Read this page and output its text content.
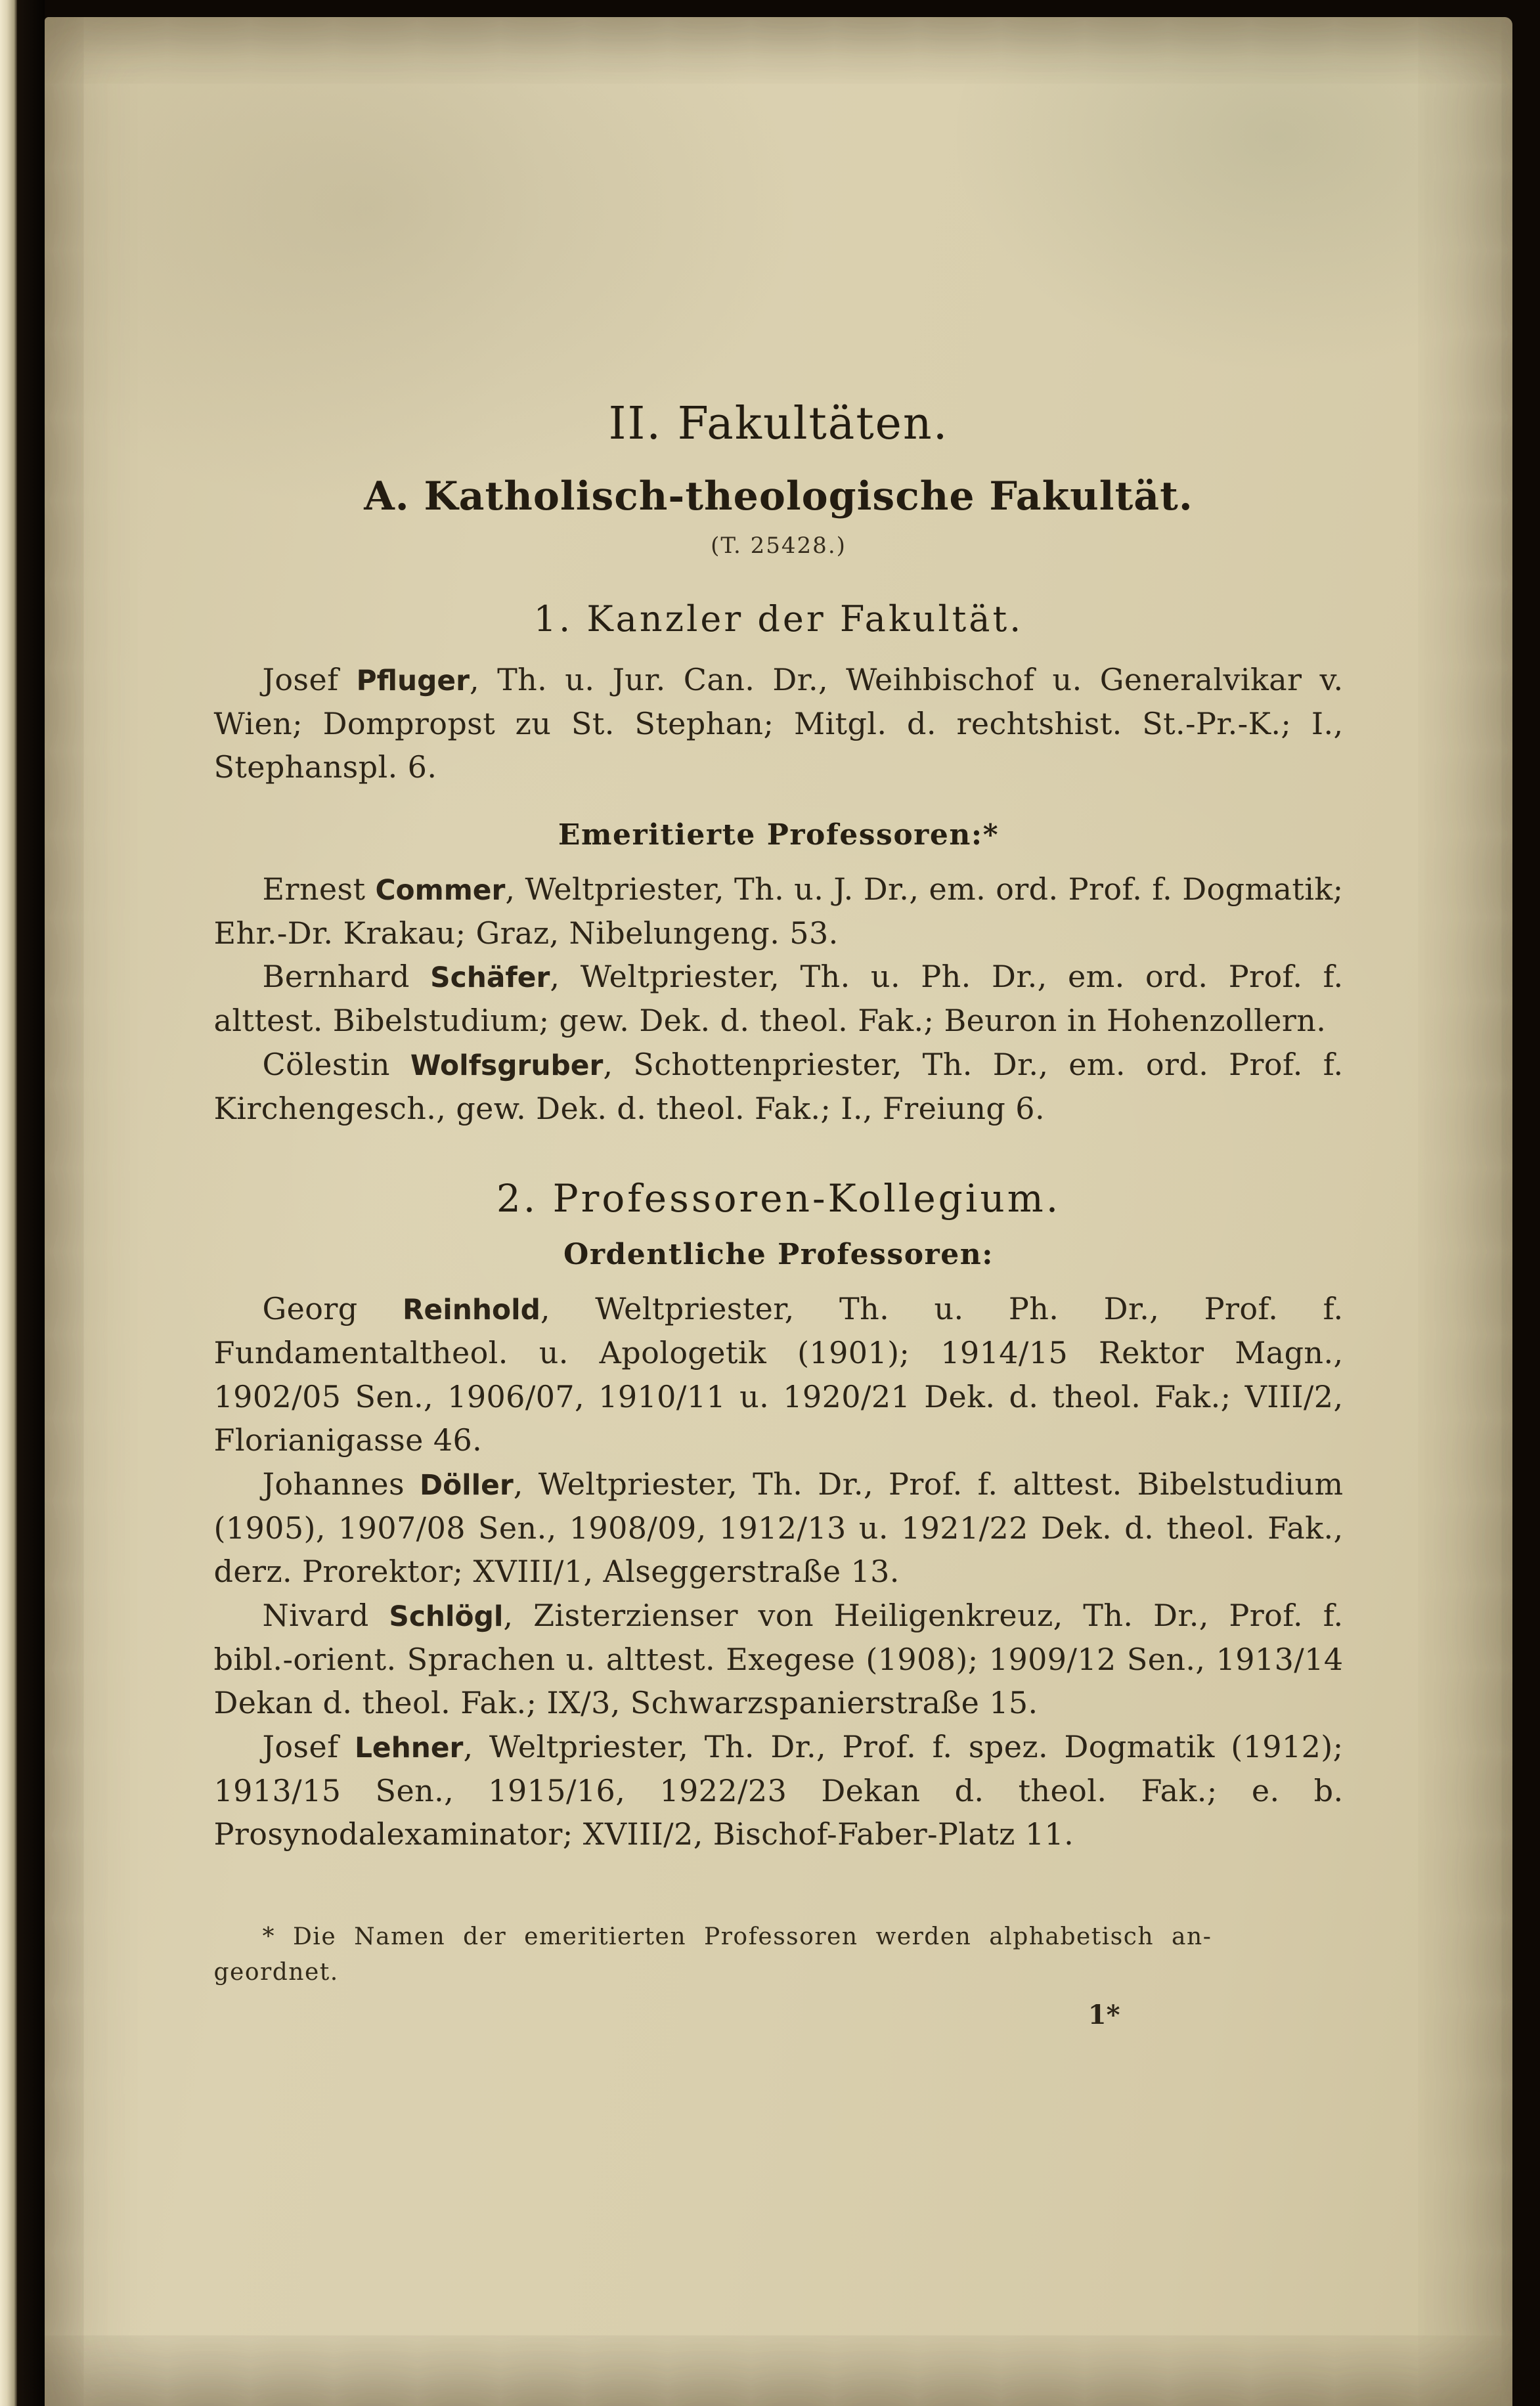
II. Fakultäten.
A. Katholisch-theologische Fakultät.
(T. 25428.)
1. Kanzler der Fakultät.

Josef Pfluger, Th. u. Jur. Can. Dr., Weihbischof u. Generalvikar v. Wien; Dompropst zu St. Stephan; Mitgl. d. rechtshist. St.-Pr.-K.; I., Stephanspl. 6.

Emeritierte Professoren:*

Ernest Commer, Weltpriester, Th. u. J. Dr., em. ord. Prof. f. Dogmatik; Ehr.-Dr. Krakau; Graz, Nibelungeng. 53.

Bernhard Schäfer, Weltpriester, Th. u. Ph. Dr., em. ord. Prof. f. alttest. Bibelstudium; gew. Dek. d. theol. Fak.; Beuron in Hohenzollern.

Cölestin Wolfsgruber, Schottenpriester, Th. Dr., em. ord. Prof. f. Kirchengesch., gew. Dek. d. theol. Fak.; I., Freiung 6.

2. Professoren-Kollegium.
Ordentliche Professoren:

Georg Reinhold, Weltpriester, Th. u. Ph. Dr., Prof. f. Fundamentaltheol. u. Apologetik (1901); 1914/15 Rektor Magn., 1902/05 Sen., 1906/07, 1910/11 u. 1920/21 Dek. d. theol. Fak.; VIII/2, Florianigasse 46.

Johannes Döller, Weltpriester, Th. Dr., Prof. f. alttest. Bibelstudium (1905), 1907/08 Sen., 1908/09, 1912/13 u. 1921/22 Dek. d. theol. Fak., derz. Prorektor; XVIII/1, Alseggerstraße 13.

Nivard Schlögl, Zisterzienser von Heiligenkreuz, Th. Dr., Prof. f. bibl.-orient. Sprachen u. alttest. Exegese (1908); 1909/12 Sen., 1913/14 Dekan d. theol. Fak.; IX/3, Schwarzspanierstraße 15.

Josef Lehner, Weltpriester, Th. Dr., Prof. f. spez. Dogmatik (1912); 1913/15 Sen., 1915/16, 1922/23 Dekan d. theol. Fak.; e. b. Prosynodalexaminator; XVIII/2, Bischof-Faber-Platz 11.

* Die Namen der emeritierten Professoren werden alphabetisch an-
geordnet.
1*
